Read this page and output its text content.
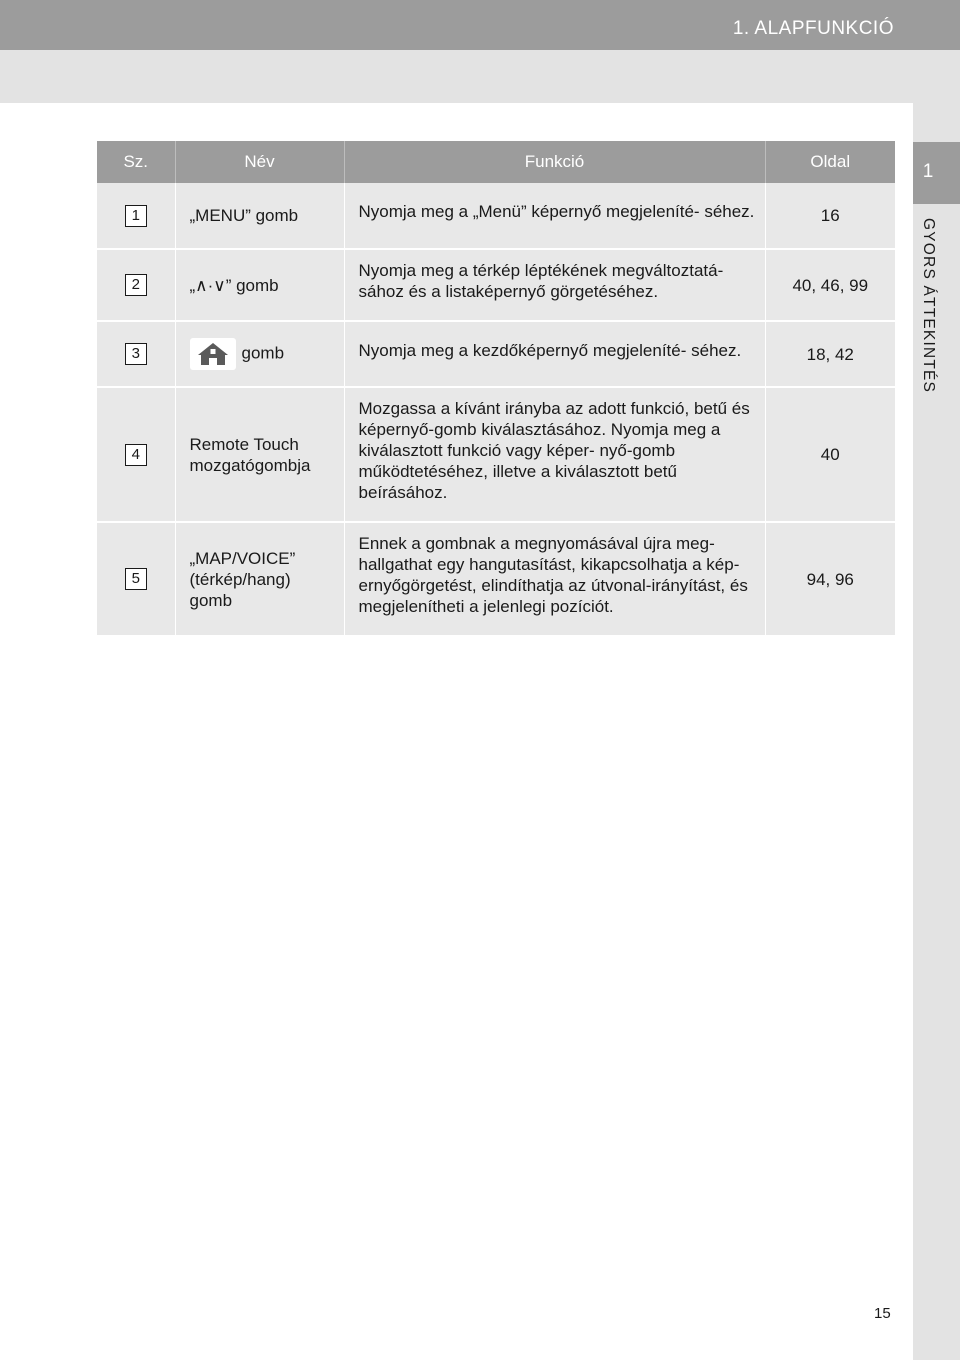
1. ALAPFUNKCIÓ
1
GYORS ÁTTEKINTÉS
Sz.	Név	Funkció	Oldal

1	„MENU” gomb	Nyomja meg a „Menü” képernyő megjeleníté- séhez.	16

2	„∧·∨” gomb	Nyomja meg a térkép léptékének megváltoztatá- sához és a listaképernyő görgetéséhez.	40, 46, 99

3	gomb	Nyomja meg a kezdőképernyő megjeleníté- séhez.	18, 42

4	Remote Touch
mozgatógombja	Mozgassa a kívánt irányba az adott funkció, betű és képernyő-gomb kiválasztásához. Nyomja meg a kiválasztott funkció vagy képer- nyő-gomb működtetéséhez, illetve a kiválasztott betű beírásához.	40

5	„MAP/VOICE”
(térkép/hang)
gomb	Ennek a gombnak a megnyomásával újra meg- hallgathat egy hangutasítást, kikapcsolhatja a kép- ernyőgörgetést, elindíthatja az útvonal-irányítást, és megjelenítheti a jelenlegi pozíciót.	94, 96
15
